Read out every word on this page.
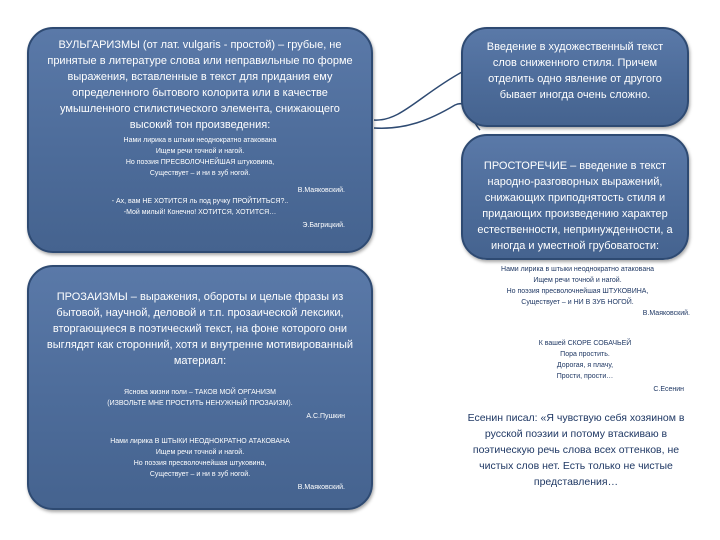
ВУЛЬГАРИЗМЫ (от лат. vulgaris - простой) – грубые, не принятые в литературе слова или неправильные по форме выражения, вставленные в текст для придания ему определенного бытового колорита или в качестве умышленного стилистического элемента, снижающего высокий тон произведения:

Нами лирика в штыки неоднократно атакована

Ищем речи точной и нагой.

Но поэзия ПРЕСВОЛОЧНЕЙШАЯ штуковина,

Существует – и ни в зуб ногой.

В.Маяковский.

- Ах, вам НЕ ХОТИТСЯ ль под ручку ПРОЙТИТЬСЯ?..

-Мой милый! Конечно! ХОТИТСЯ, ХОТИТСЯ…

Э.Багрицкий.

Введение в художественный текст слов сниженного стиля. Причем отделить одно явление от другого бывает иногда очень сложно.

ПРОСТОРЕЧИЕ – введение в текст народно-разговорных выражений, снижающих приподнятость стиля и придающих произведению характер естественности, непринужденности, а иногда и уместной грубоватости:

Нами лирика в штыки неоднократно атакована

Ищем речи точной и нагой.

Но поэзия пресволочнейшая ШТУКОВИНА,

Существует – и НИ В ЗУБ НОГОЙ.

В.Маяковский.

К вашей СКОРЕ СОБАЧЬЕЙ

Пора простить.

Дорогая, я плачу,

Прости, прости…

С.Есенин

Есенин писал: «Я чувствую себя хозяином в русской поэзии и потому втаскиваю в поэтическую речь слова всех оттенков, не чистых слов нет. Есть только не чистые представления…

ПРОЗАИЗМЫ – выражения, обороты и целые фразы из бытовой, научной, деловой и т.п. прозаической лексики, вторгающиеся в поэтический текст, на фоне которого они выглядят как сторонний, хотя и внутренне мотивированный материал:

Яснова жизни поли – ТАКОВ МОЙ ОРГАНИЗМ

(ИЗВОЛЬТЕ МНЕ ПРОСТИТЬ НЕНУЖНЫЙ ПРОЗАИЗМ).

А.С.Пушкин

Нами лирика В ШТЫКИ НЕОДНОКРАТНО АТАКОВАНА

Ищем речи точной и нагой.

Но поэзия пресволочнейшая штуковина,

Существует – и ни в зуб ногой.

В.Маяковский.
